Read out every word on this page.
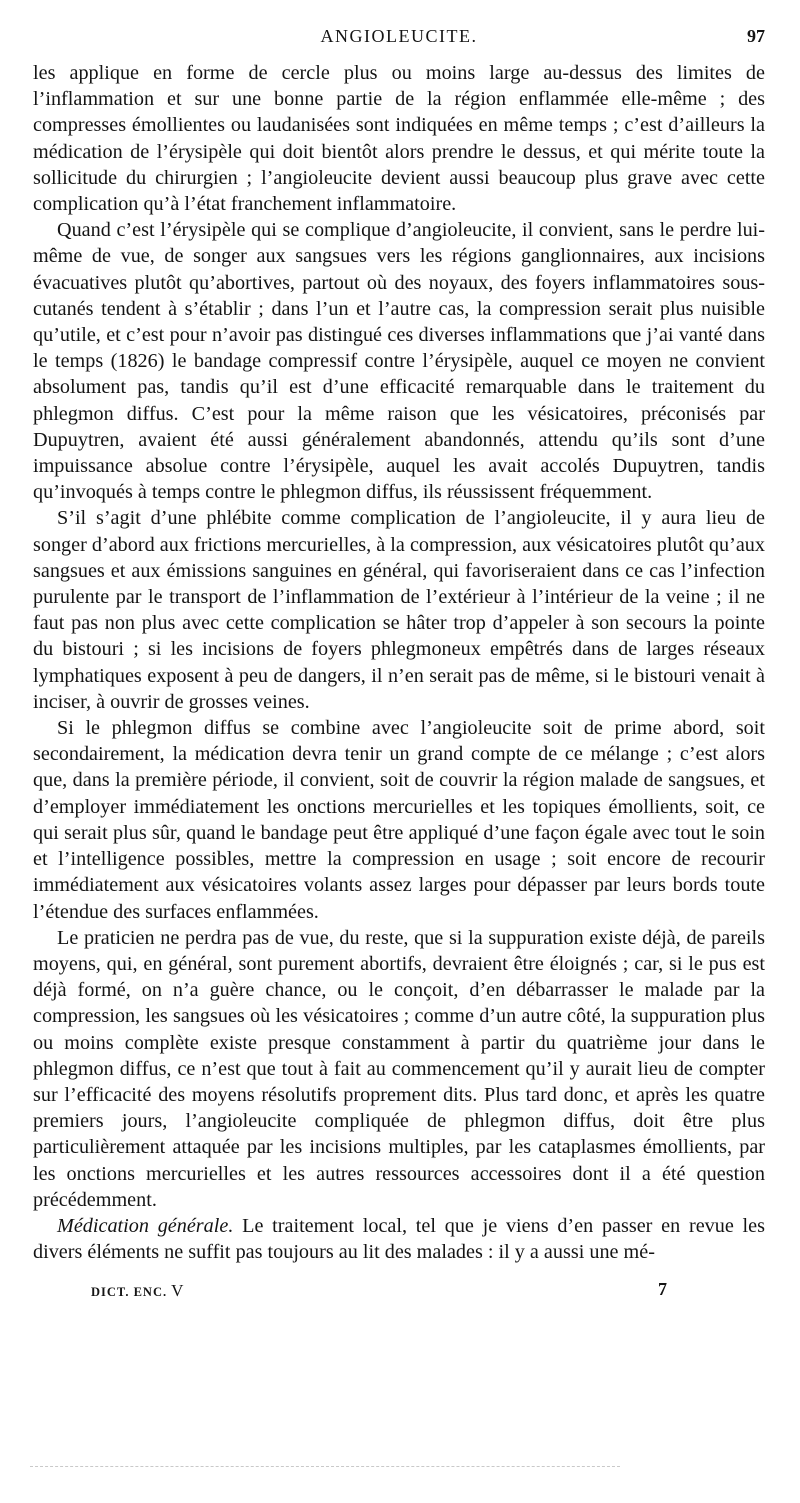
ANGIOLEUCITE.	97

les applique en forme de cercle plus ou moins large au-dessus des limites de l’inflammation et sur une bonne partie de la région enflammée elle-même ; des compresses émollientes ou laudanisées sont indiquées en même temps ; c’est d’ailleurs la médication de l’érysipèle qui doit bientôt alors prendre le dessus, et qui mérite toute la sollicitude du chirurgien ; l’angioleucite devient aussi beaucoup plus grave avec cette complication qu’à l’état franchement inflammatoire.

Quand c’est l’érysipèle qui se complique d’angioleucite, il convient, sans le perdre lui-même de vue, de songer aux sangsues vers les régions ganglionnaires, aux incisions évacuatives plutôt qu’abortives, partout où des noyaux, des foyers inflammatoires sous-cutanés tendent à s’établir ; dans l’un et l’autre cas, la compression serait plus nuisible qu’utile, et c’est pour n’avoir pas distingué ces diverses inflammations que j’ai vanté dans le temps (1826) le bandage compressif contre l’érysipèle, auquel ce moyen ne convient absolument pas, tandis qu’il est d’une efficacité remarquable dans le traitement du phlegmon diffus. C’est pour la même raison que les vésicatoires, préconisés par Dupuytren, avaient été aussi généralement abandonnés, attendu qu’ils sont d’une impuissance absolue contre l’érysipèle, auquel les avait accolés Dupuytren, tandis qu’invoqués à temps contre le phlegmon diffus, ils réussissent fréquemment.

S’il s’agit d’une phlébite comme complication de l’angioleucite, il y aura lieu de songer d’abord aux frictions mercurielles, à la compression, aux vésicatoires plutôt qu’aux sangsues et aux émissions sanguines en général, qui favoriseraient dans ce cas l’infection purulente par le transport de l’inflammation de l’extérieur à l’intérieur de la veine ; il ne faut pas non plus avec cette complication se hâter trop d’appeler à son secours la pointe du bistouri ; si les incisions de foyers phlegmoneux empêtrés dans de larges réseaux lymphatiques exposent à peu de dangers, il n’en serait pas de même, si le bistouri venait à inciser, à ouvrir de grosses veines.

Si le phlegmon diffus se combine avec l’angioleucite soit de prime abord, soit secondairement, la médication devra tenir un grand compte de ce mélange ; c’est alors que, dans la première période, il convient, soit de couvrir la région malade de sangsues, et d’employer immédiatement les onctions mercurielles et les topiques émollients, soit, ce qui serait plus sûr, quand le bandage peut être appliqué d’une façon égale avec tout le soin et l’intelligence possibles, mettre la compression en usage ; soit encore de recourir immédiatement aux vésicatoires volants assez larges pour dépasser par leurs bords toute l’étendue des surfaces enflammées.

Le praticien ne perdra pas de vue, du reste, que si la suppuration existe déjà, de pareils moyens, qui, en général, sont purement abortifs, devraient être éloignés ; car, si le pus est déjà formé, on n’a guère chance, ou le conçoit, d’en débarrasser le malade par la compression, les sangsues où les vésicatoires ; comme d’un autre côté, la suppuration plus ou moins complète existe presque constamment à partir du quatrième jour dans le phlegmon diffus, ce n’est que tout à fait au commencement qu’il y aurait lieu de compter sur l’efficacité des moyens résolutifs proprement dits. Plus tard donc, et après les quatre premiers jours, l’angioleucite compliquée de phlegmon diffus, doit être plus particulièrement attaquée par les incisions multiples, par les cataplasmes émollients, par les onctions mercurielles et les autres ressources accessoires dont il a été question précédemment.

Médication générale. Le traitement local, tel que je viens d’en passer en revue les divers éléments ne suffit pas toujours au lit des malades : il y a aussi une mé-

DICT. ENC. V	7
